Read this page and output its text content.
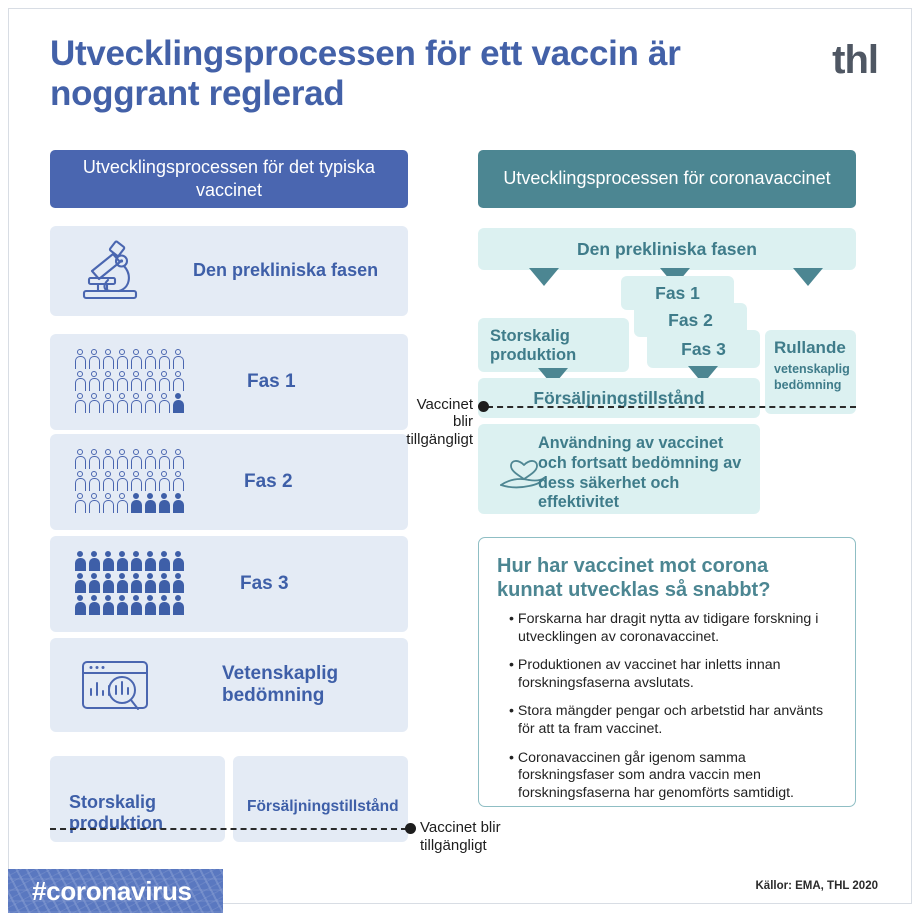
Utvecklingsprocessen för ett vaccin är noggrant reglerad
thl
Utvecklingsprocessen för det typiska vaccinet
Utvecklingsprocessen för coronavaccinet
Den prekliniska fasen
Fas 1
Fas 2
Fas 3
Vetenskaplig bedömning
Storskalig produktion
Försäljningstillstånd
Vaccinet blir tillgängligt
Den prekliniska fasen
Fas 1
Fas 2
Fas 3
Storskalig produktion	Rullande
vetenskaplig bedömning
Försäljningstillstånd
Vaccinet
blir tillgängligt	Användning av vaccinet och fortsatt bedömning av dess säkerhet och effektivitet
Hur har vaccinet mot corona kunnat utvecklas så snabbt?
• Forskarna har dragit nytta av tidigare forskning i utvecklingen av coronavaccinet.
• Produktionen av vaccinet har inletts innan forskningsfaserna avslutats.
• Stora mängder pengar och arbetstid har använts för att ta fram vaccinet.
• Coronavaccinen går igenom samma forskningsfaser som andra vaccin men forskningsfaserna har genomförts samtidigt.
#coronavirus	Källor: EMA, THL 2020
